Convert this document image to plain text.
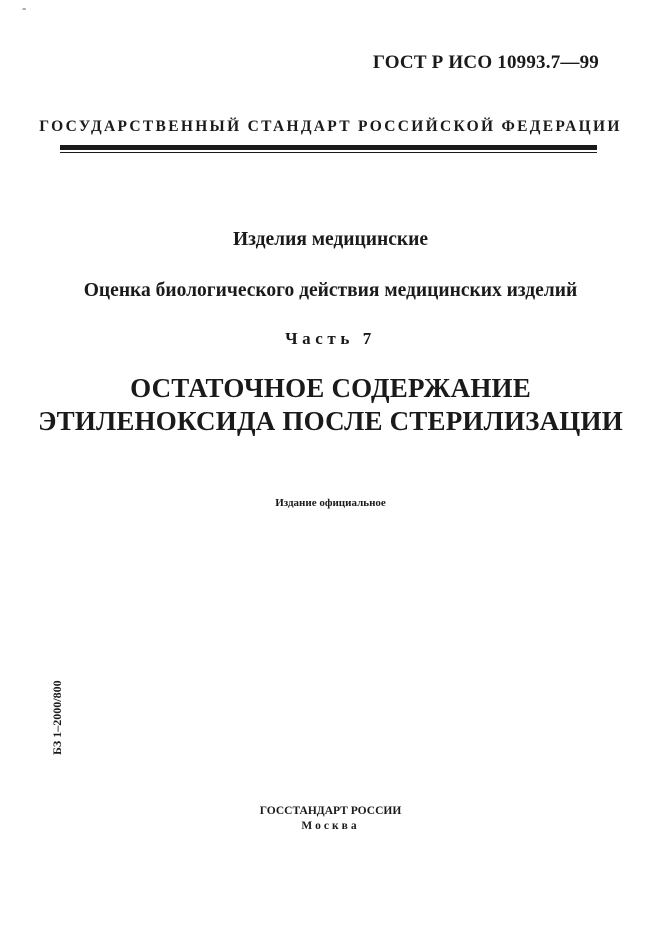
-
ГОСТ Р ИСО 10993.7—99
ГОСУДАРСТВЕННЫЙ СТАНДАРТ РОССИЙСКОЙ ФЕДЕРАЦИИ
Изделия медицинские
Оценка биологического действия медицинских изделий
Часть 7
ОСТАТОЧНОЕ СОДЕРЖАНИЕ
ЭТИЛЕНОКСИДА ПОСЛЕ СТЕРИЛИЗАЦИИ
Издание официальное
БЗ 1–2000/800
ГОССТАНДАРТ РОССИИ
Москва
